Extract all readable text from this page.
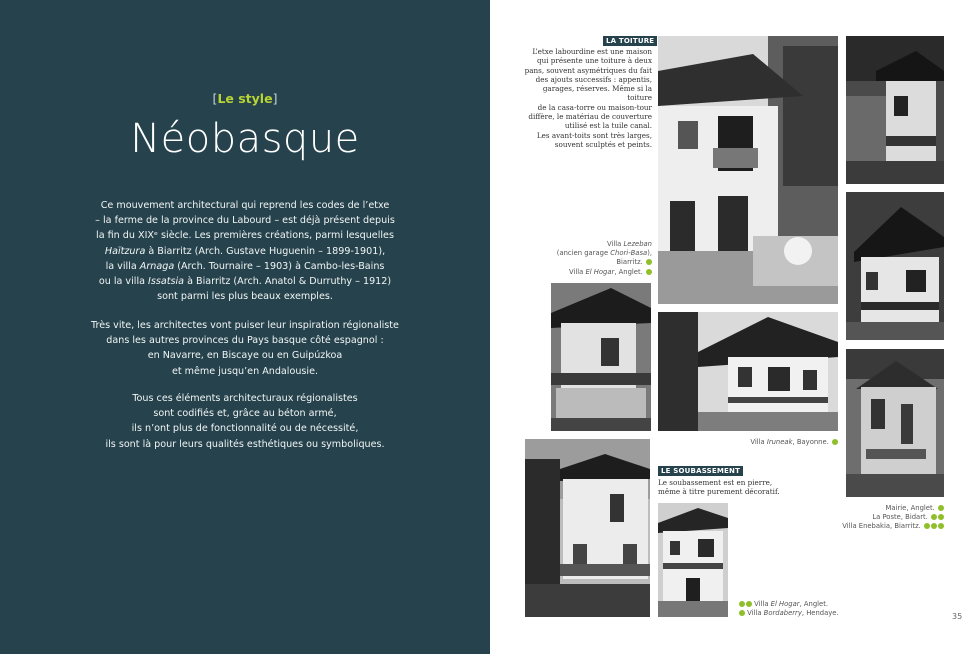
[Le style]
Néobasque
Ce mouvement architectural qui reprend les codes de l’etxe
– la ferme de la province du Labourd – est déjà présent depuis
la fin du XIXᵉ siècle. Les premières créations, parmi lesquelles
Haïtzura à Biarritz (Arch. Gustave Huguenin – 1899-1901),
la villa Arnaga (Arch. Tournaire – 1903) à Cambo-les-Bains
ou la villa Issatsia à Biarritz (Arch. Anatol & Durruthy – 1912)
sont parmi les plus beaux exemples.
Très vite, les architectes vont puiser leur inspiration régionaliste
dans les autres provinces du Pays basque côté espagnol :
en Navarre, en Biscaye ou en Guipúzkoa
et même jusqu’en Andalousie.
Tous ces éléments architecturaux régionalistes
sont codifiés et, grâce au béton armé,
ils n’ont plus de fonctionnalité ou de nécessité,
ils sont là pour leurs qualités esthétiques ou symboliques.
LA TOITURE
L’etxe labourdine est une maison
qui présente une toiture à deux
pans, souvent asymétriques du fait
des ajouts successifs : appentis,
garages, réserves. Même si la toiture
de la casa-torre ou maison-tour
diffère, le matériau de couverture
utilisé est la tuile canal.
Les avant-toits sont très larges,
souvent sculptés et peints.
Villa Lezeban
(ancien garage Chori-Basa),
Biarritz.
Villa El Hogar, Anglet.
Villa Iruneak, Bayonne.
LE SOUBASSEMENT
Le soubassement est en pierre,
même à titre purement décoratif.
Mairie, Anglet.
La Poste, Bidart.
Villa Enebakia, Biarritz.
Villa El Hogar, Anglet.
Villa Bordaberry, Hendaye.	35
